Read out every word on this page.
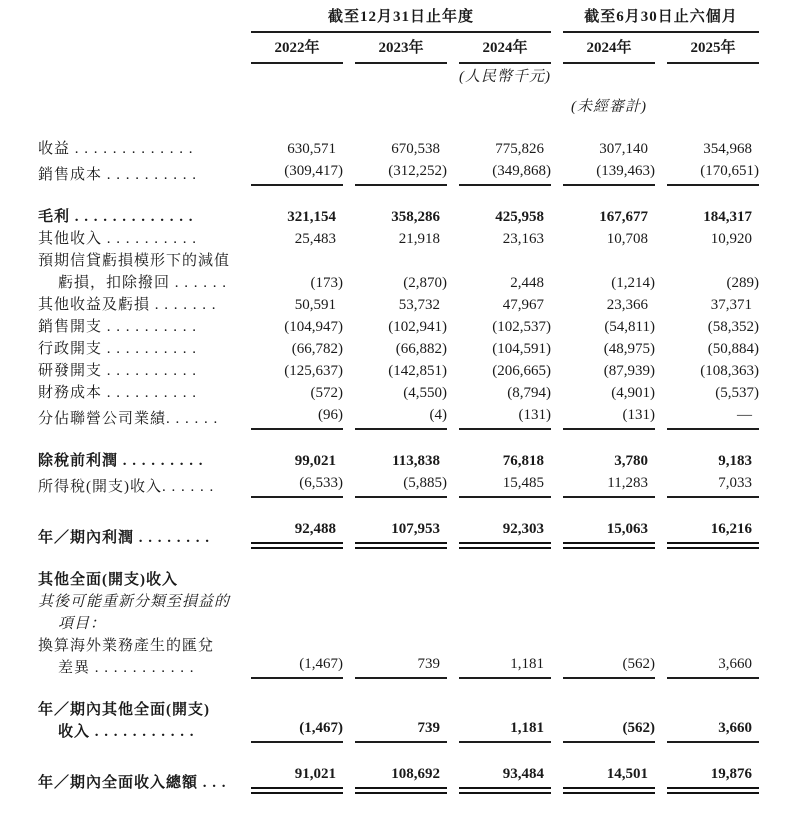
	截至12月31日止年度			截至6月30日止六個月	

	2022年	2023年	2024年	2024年	2025年

			(人民幣千元)		

				(未經審計)	

收益 . . . . . . . . . . . . .	630,571	670,538	775,826	307,140	354,968

銷售成本 . . . . . . . . . .	(309,417)	(312,252)	(349,868)	(139,463)	(170,651)

毛利 . . . . . . . . . . . . .	321,154	358,286	425,958	167,677	184,317

其他收入 . . . . . . . . . .	25,483	21,918	23,163	10,708	10,920

預期信貸虧損模形下的減值
虧損，扣除撥回 . . . . . .	(173)	(2,870)	2,448	(1,214)	(289)

其他收益及虧損 . . . . . . .	50,591	53,732	47,967	23,366	37,371

銷售開支 . . . . . . . . . .	(104,947)	(102,941)	(102,537)	(54,811)	(58,352)

行政開支 . . . . . . . . . .	(66,782)	(66,882)	(104,591)	(48,975)	(50,884)

研發開支 . . . . . . . . . .	(125,637)	(142,851)	(206,665)	(87,939)	(108,363)

財務成本 . . . . . . . . . .	(572)	(4,550)	(8,794)	(4,901)	(5,537)

分佔聯營公司業績. . . . . .	(96)	(4)	(131)	(131)	—

除稅前利潤 . . . . . . . . .	99,021	113,838	76,818	3,780	9,183

所得稅(開支)收入. . . . . .	(6,533)	(5,885)	15,485	11,283	7,033

年／期內利潤 . . . . . . . .	92,488	107,953	92,303	15,063	16,216

其他全面(開支)收入					

其後可能重新分類至損益的
項目：					

換算海外業務產生的匯兌
差異 . . . . . . . . . . .	(1,467)	739	1,181	(562)	3,660

年／期內其他全面(開支)
收入 . . . . . . . . . . .	(1,467)	739	1,181	(562)	3,660

年／期內全面收入總額 . . .	91,021	108,692	93,484	14,501	19,876
